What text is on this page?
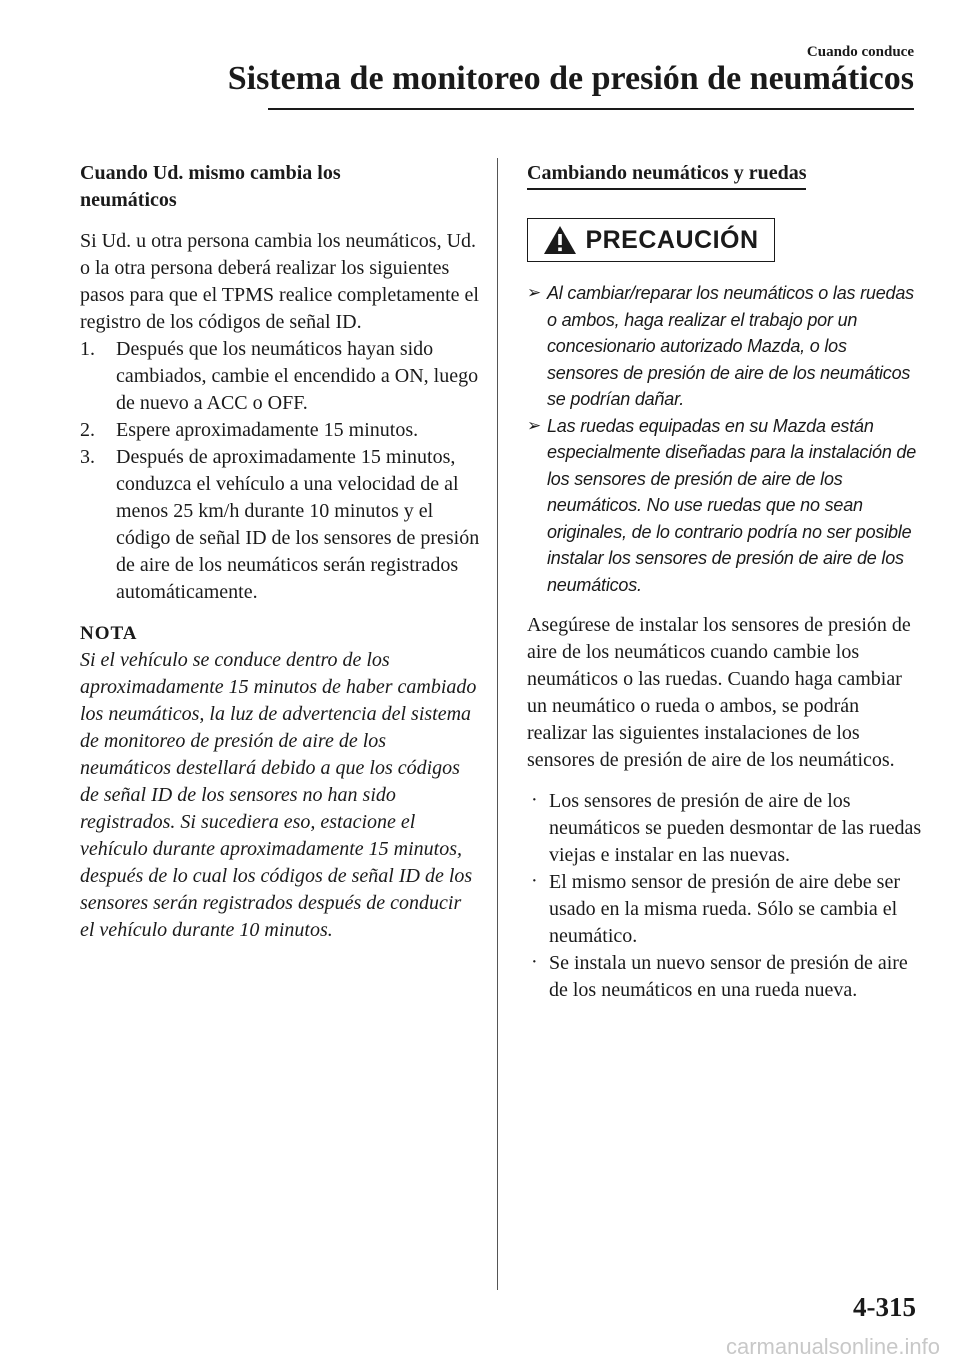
Cuando conduce
Sistema de monitoreo de presión de neumáticos
Cuando Ud. mismo cambia los
neumáticos

Si Ud. u otra persona cambia los neumáticos, Ud. o la otra persona deberá realizar los siguientes pasos para que el TPMS realice completamente el registro de los códigos de señal ID.

1. Después que los neumáticos hayan sido cambiados, cambie el encendido a ON, luego de nuevo a ACC o OFF.
2. Espere aproximadamente 15 minutos.
3. Después de aproximadamente 15 minutos, conduzca el vehículo a una velocidad de al menos 25 km/h durante 10 minutos y el código de señal ID de los sensores de presión de aire de los neumáticos serán registrados automáticamente.
NOTA

Si el vehículo se conduce dentro de los aproximadamente 15 minutos de haber cambiado los neumáticos, la luz de advertencia del sistema de monitoreo de presión de aire de los neumáticos destellará debido a que los códigos de señal ID de los sensores no han sido registrados. Si sucediera eso, estacione el vehículo durante aproximadamente 15 minutos, después de lo cual los códigos de señal ID de los sensores serán registrados después de conducir el vehículo durante 10 minutos.

Cambiando neumáticos y ruedas
PRECAUCIÓN
➢ Al cambiar/reparar los neumáticos o las ruedas o ambos, haga realizar el trabajo por un concesionario autorizado Mazda, o los sensores de presión de aire de los neumáticos se podrían dañar.
➢ Las ruedas equipadas en su Mazda están especialmente diseñadas para la instalación de los sensores de presión de aire de los neumáticos. No use ruedas que no sean originales, de lo contrario podría no ser posible instalar los sensores de presión de aire de los neumáticos.

Asegúrese de instalar los sensores de presión de aire de los neumáticos cuando cambie los neumáticos o las ruedas. Cuando haga cambiar un neumático o rueda o ambos, se podrán realizar las siguientes instalaciones de los sensores de presión de aire de los neumáticos.

· Los sensores de presión de aire de los neumáticos se pueden desmontar de las ruedas viejas e instalar en las nuevas.
· El mismo sensor de presión de aire debe ser usado en la misma rueda. Sólo se cambia el neumático.
· Se instala un nuevo sensor de presión de aire de los neumáticos en una rueda nueva.
4-315
carmanualsonline.info
